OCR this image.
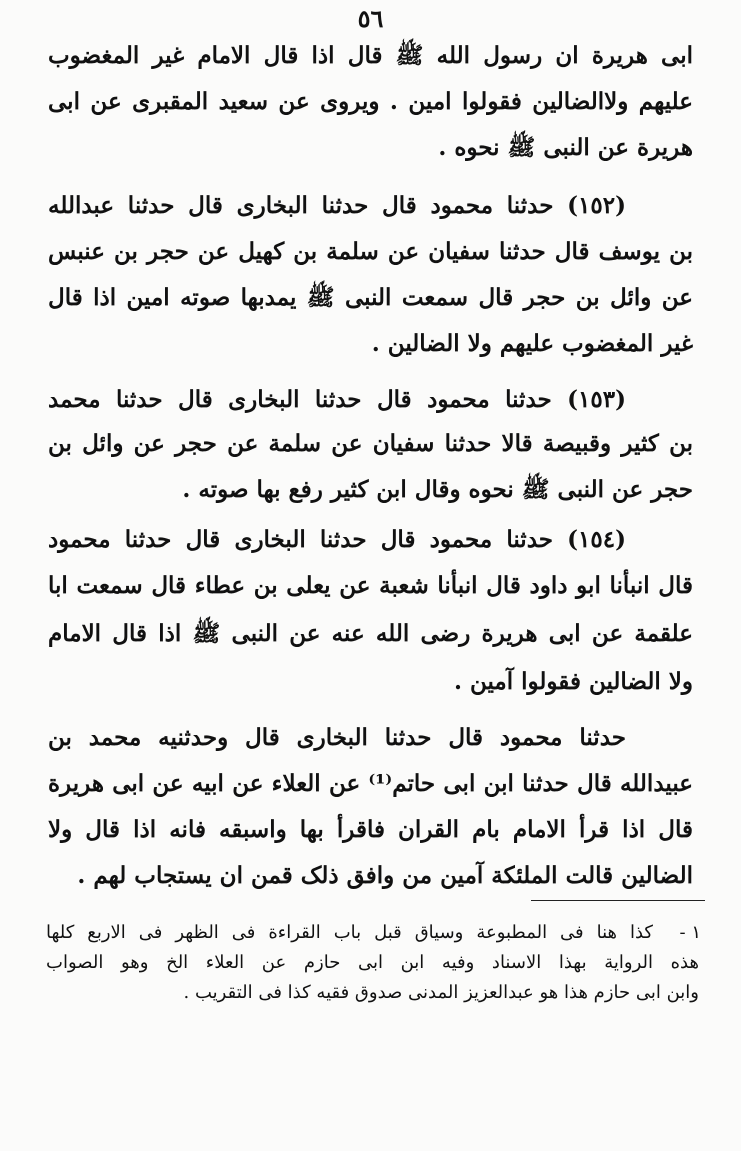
٥٦
ابی هریرة ان رسول الله ﷺ قال اذا قال الامام غیر المغضوب
علیهم ولاالضالین فقولوا امین . ویروی عن سعید المقبری عن ابی
هریرة عن النبی ﷺ نحوه .
(١٥٢) حدثنا محمود قال حدثنا البخاری قال حدثنا عبدالله
بن یوسف قال حدثنا سفیان عن سلمة بن کهیل عن حجر بن عنبس
عن وائل بن حجر قال سمعت النبی ﷺ یمدبها صوته امین اذا قال
غیر المغضوب علیهم ولا الضالین .
(١٥٣) حدثنا محمود قال حدثنا البخاری قال حدثنا محمد
بن کثیر وقبیصة قالا حدثنا سفیان عن سلمة عن حجر عن وائل بن
حجر عن النبی ﷺ نحوه وقال ابن کثیر رفع بها صوته .
(١٥٤) حدثنا محمود قال حدثنا البخاری قال حدثنا محمود
قال انبأنا ابو داود قال انبأنا شعبة عن یعلی بن عطاء قال سمعت ابا
علقمة عن ابی هریرة رضی الله عنه عن النبی ﷺ اذا قال الامام
ولا الضالین فقولوا آمین .
حدثنا محمود قال حدثنا البخاری قال وحدثنیه محمد بن
عبیدالله قال حدثنا ابن ابی حاتم⁽¹⁾ عن العلاء عن ابیه عن ابی هریرة
قال اذا قرأ الامام بام القران فاقرأ بها واسبقه فانه اذا قال ولا
الضالین قالت الملئکة آمین من وافق ذلک قمن ان یستجاب لهم .
١ -
کذا هنا فی المطبوعة وسیاق قبل باب القراءة فی الظهر فی الاربع کلها
هذه الروایة بهذا الاسناد وفیه ابن ابی حازم عن العلاء الخ وهو الصواب
وابن ابی حازم هذا هو عبدالعزیز المدنی صدوق فقیه کذا فی التقریب .
